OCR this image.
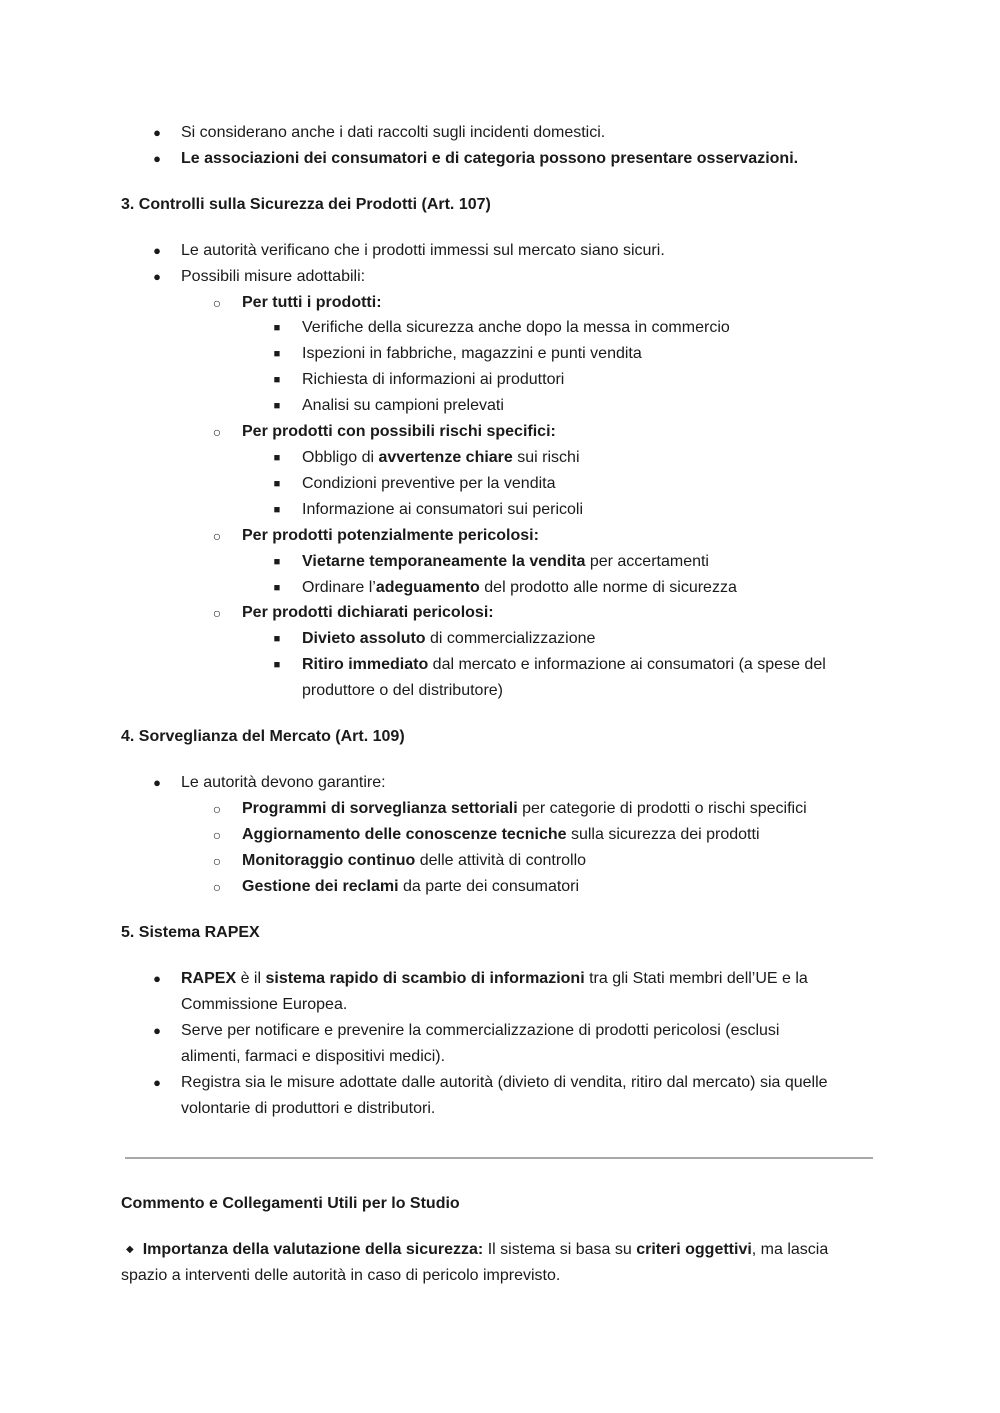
● Si considerano anche i dati raccolti sugli incidenti domestici.
● Le associazioni dei consumatori e di categoria possono presentare osservazioni.
3. Controlli sulla Sicurezza dei Prodotti (Art. 107)
● Le autorità verificano che i prodotti immessi sul mercato siano sicuri.
● Possibili misure adottabili:
○ Per tutti i prodotti:
■ Verifiche della sicurezza anche dopo la messa in commercio
■ Ispezioni in fabbriche, magazzini e punti vendita
■ Richiesta di informazioni ai produttori
■ Analisi su campioni prelevati
○ Per prodotti con possibili rischi specifici:
■ Obbligo di avvertenze chiare sui rischi
■ Condizioni preventive per la vendita
■ Informazione ai consumatori sui pericoli
○ Per prodotti potenzialmente pericolosi:
■ Vietarne temporaneamente la vendita per accertamenti
■ Ordinare l’adeguamento del prodotto alle norme di sicurezza
○ Per prodotti dichiarati pericolosi:
■ Divieto assoluto di commercializzazione
■ Ritiro immediato dal mercato e informazione ai consumatori (a spese del
produttore o del distributore)
4. Sorveglianza del Mercato (Art. 109)
● Le autorità devono garantire:
○ Programmi di sorveglianza settoriali per categorie di prodotti o rischi specifici
○ Aggiornamento delle conoscenze tecniche sulla sicurezza dei prodotti
○ Monitoraggio continuo delle attività di controllo
○ Gestione dei reclami da parte dei consumatori
5. Sistema RAPEX
● RAPEX è il sistema rapido di scambio di informazioni tra gli Stati membri dell’UE e la
Commissione Europea.
● Serve per notificare e prevenire la commercializzazione di prodotti pericolosi (esclusi
alimenti, farmaci e dispositivi medici).
● Registra sia le misure adottate dalle autorità (divieto di vendita, ritiro dal mercato) sia quelle
volontarie di produttori e distributori.
Commento e Collegamenti Utili per lo Studio
◆ Importanza della valutazione della sicurezza: Il sistema si basa su criteri oggettivi, ma lascia
spazio a interventi delle autorità in caso di pericolo imprevisto.
